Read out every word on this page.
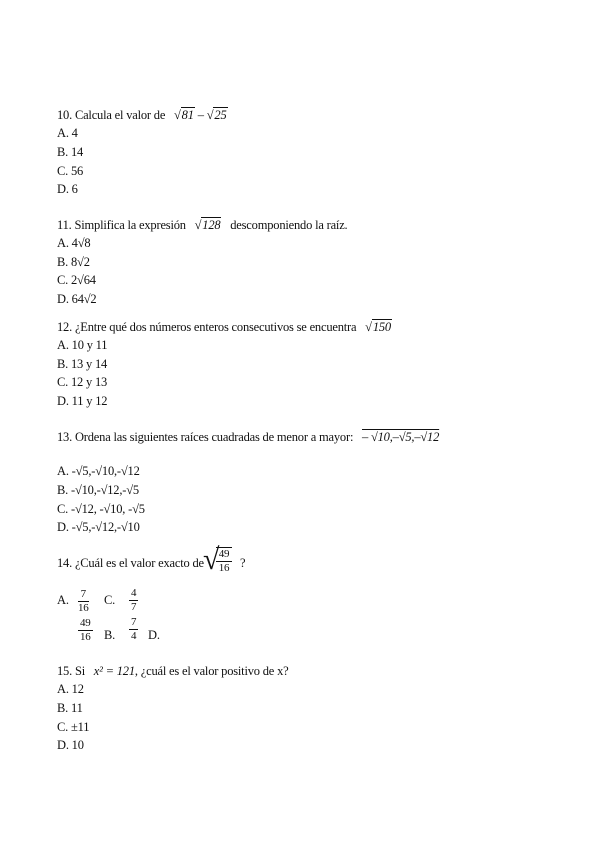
10. Calcula el valor de √81 – √25
A. 4
B. 14
C. 56
D. 6
11. Simplifica la expresión √128 descomponiendo la raíz.
A. 4√8
B. 8√2
C. 2√64
D. 64√2
12. ¿Entre qué dos números enteros consecutivos se encuentra √150
A. 10 y 11
B. 13 y 14
C. 12 y 13
D. 11 y 12
13. Ordena las siguientes raíces cuadradas de menor a mayor: – √10,–√5,–√12
A. -√5,-√10,-√12
B. -√10,-√12,-√5
C. -√12, -√10, -√5
D. -√5,-√12,-√10
14. ¿Cuál es el valor exacto de √
$\frac{49}{16}$ ?
A. $\frac{7}{16} C$. $\frac{4}{7}$
$\frac{49}{16} B$. $\frac{7}{4} D$.
15. Si x² = 121, ¿cuál es el valor positivo de x?
A. 12
B. 11
C. ±11
D. 10
